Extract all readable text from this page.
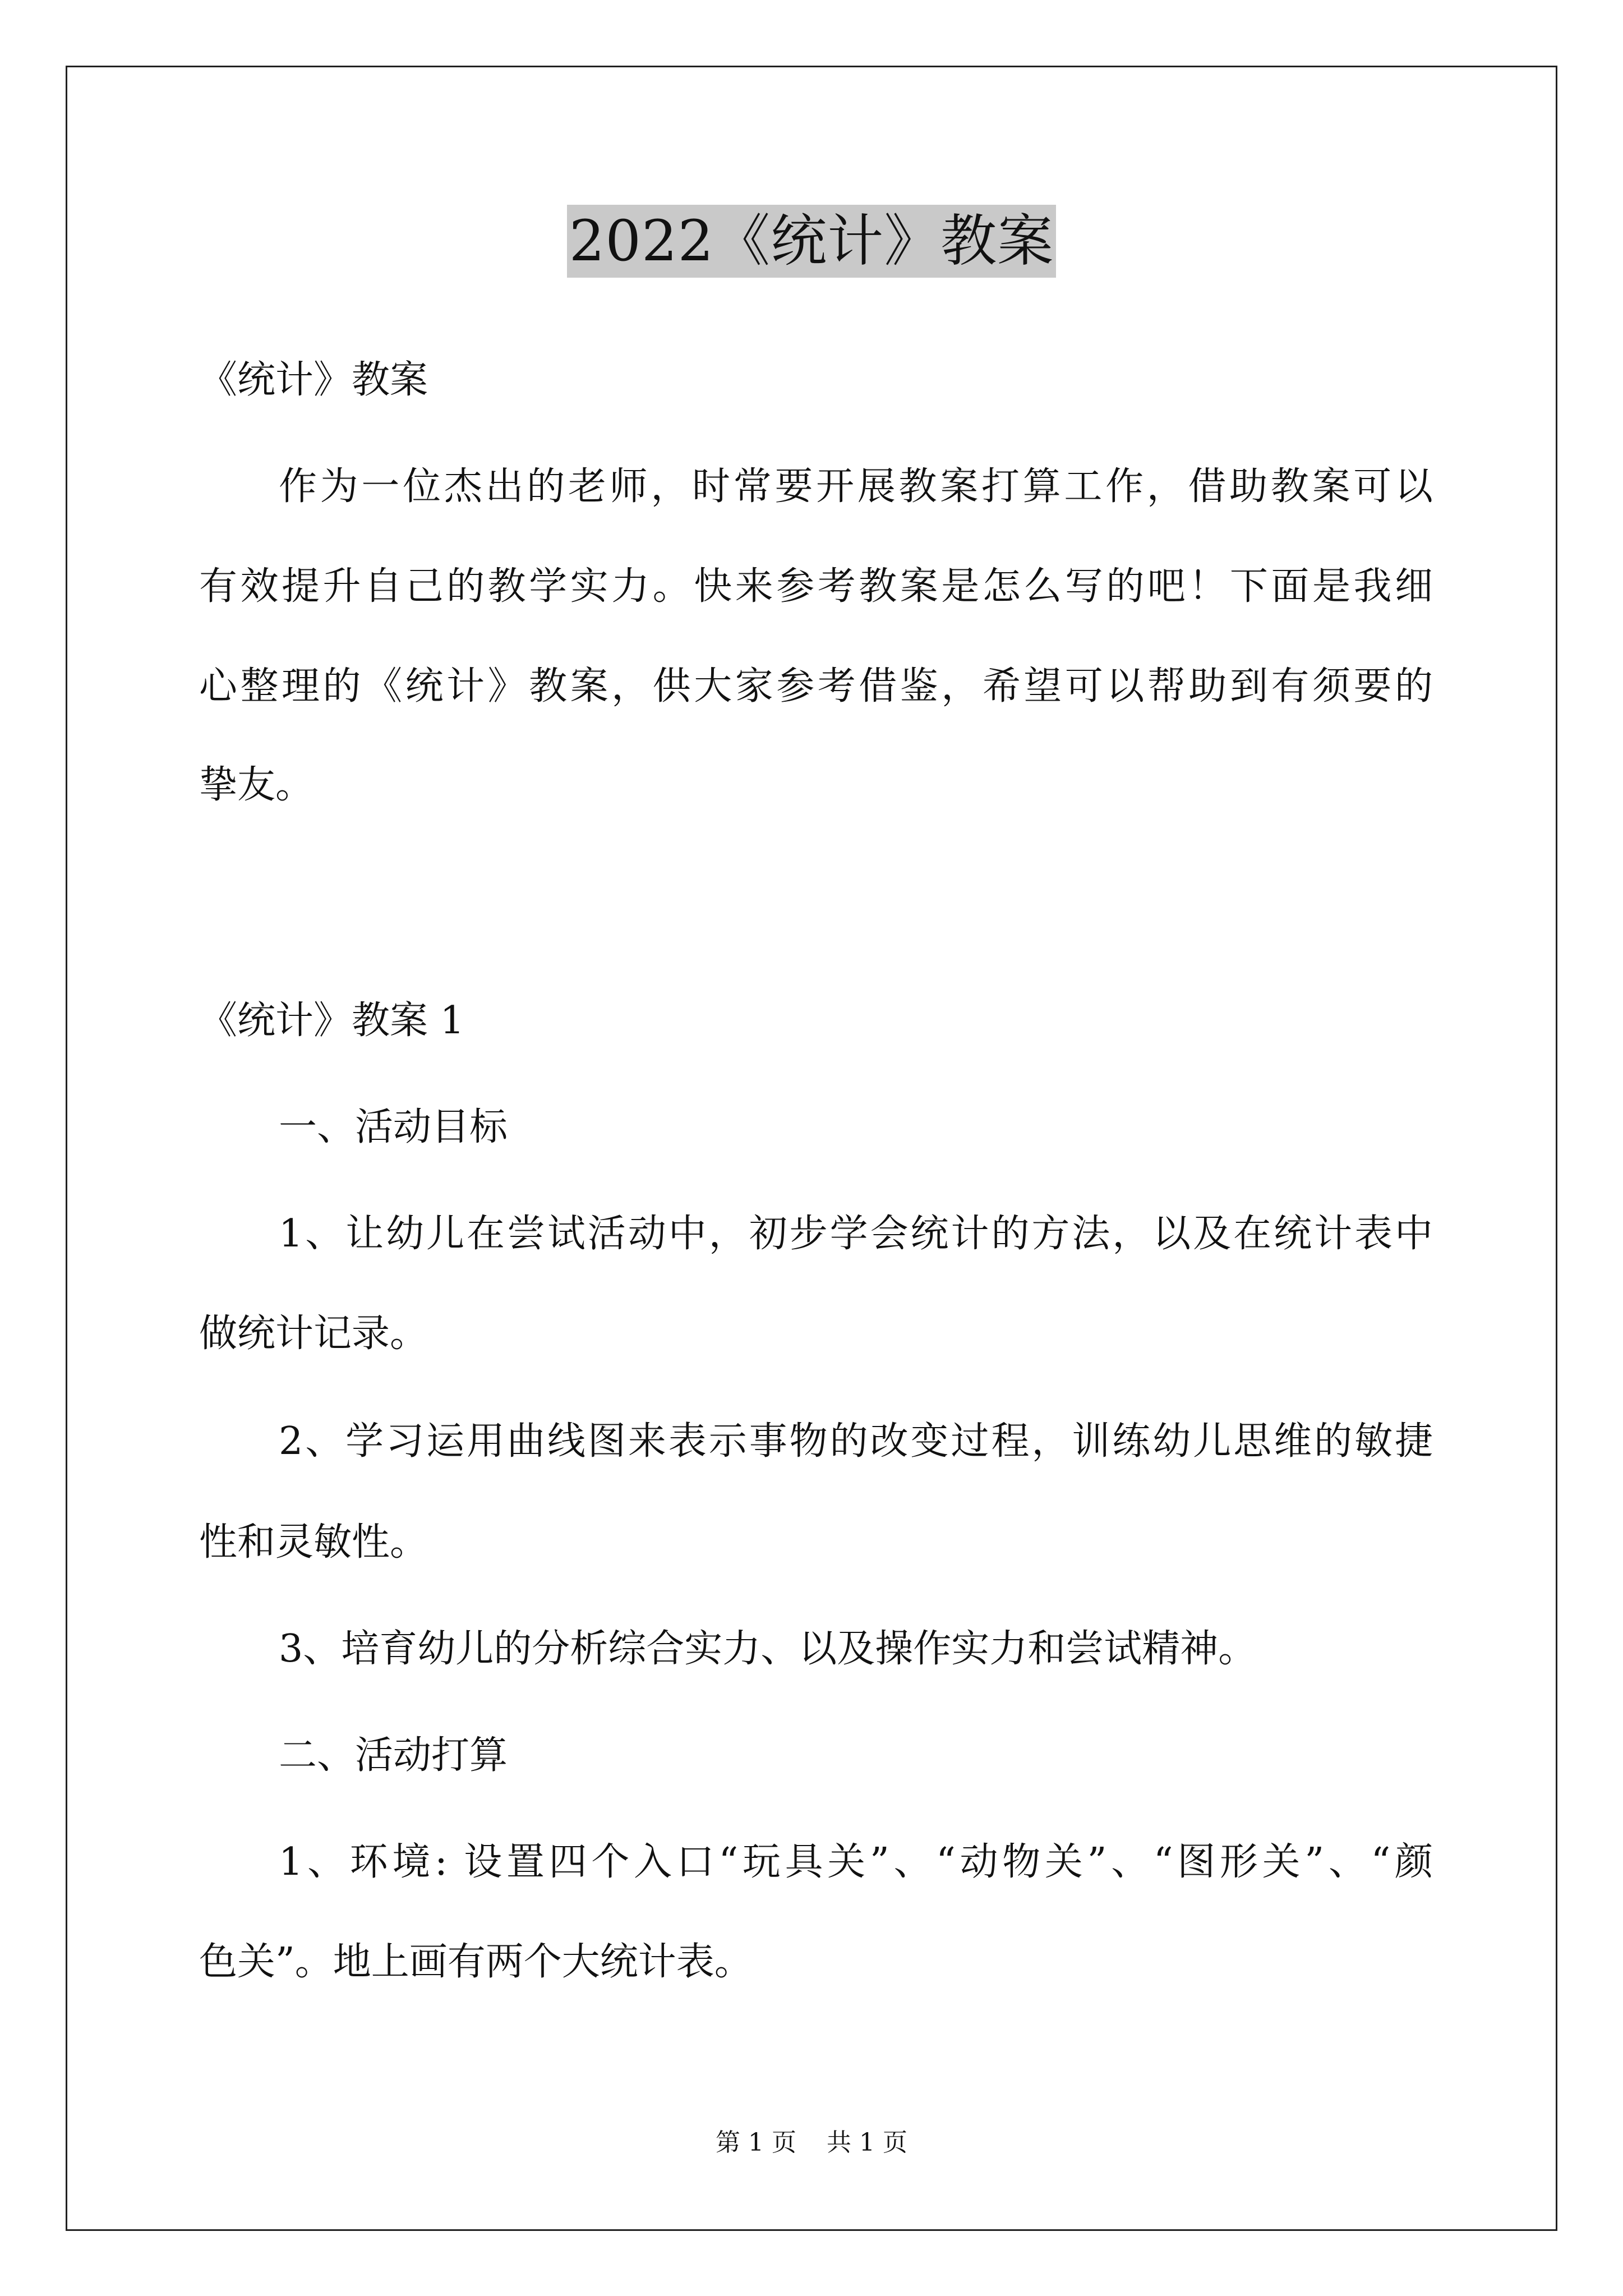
2022《统计》教案
《统计》教案
作为一位杰出的老师，时常要开展教案打算工作，借助教案可以
有效提升自己的教学实力。快来参考教案是怎么写的吧！下面是我细
心整理的《统计》教案，供大家参考借鉴，希望可以帮助到有须要的
挚友。
《统计》教案 1
一、活动目标
1、让幼儿在尝试活动中，初步学会统计的方法，以及在统计表中
做统计记录。
2、学习运用曲线图来表示事物的改变过程，训练幼儿思维的敏捷
性和灵敏性。
3、培育幼儿的分析综合实力、以及操作实力和尝试精神。
二、活动打算
1、环境: 设置四个入口“玩具关”、“动物关”、“图形关”、“颜
色关”。地上画有两个大统计表。
第 1 页 共 1 页
